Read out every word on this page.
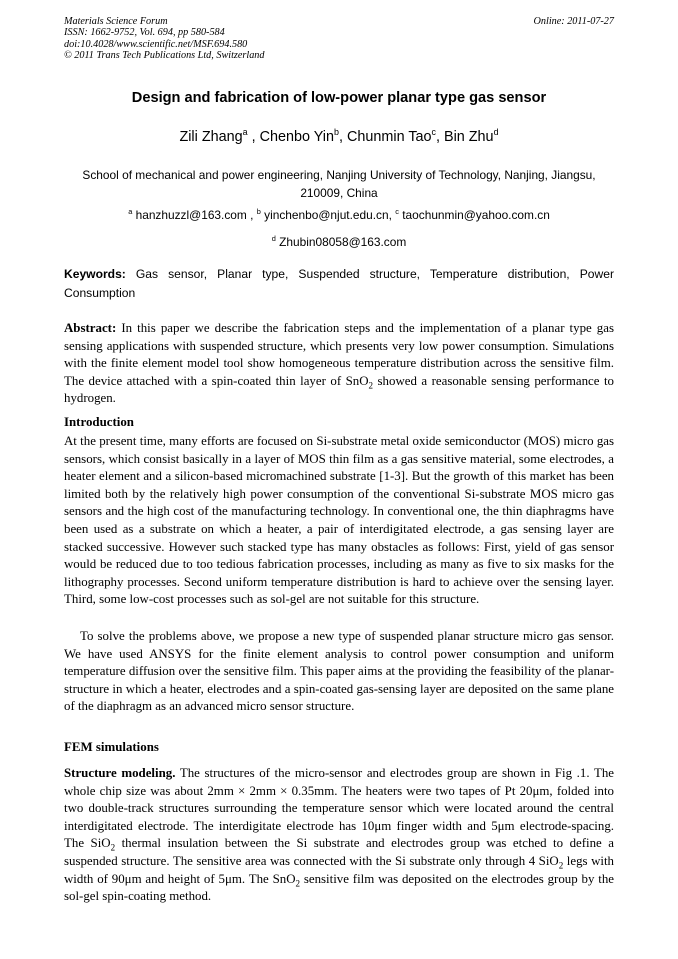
Materials Science Forum
ISSN: 1662-9752, Vol. 694, pp 580-584
doi:10.4028/www.scientific.net/MSF.694.580
© 2011 Trans Tech Publications Ltd, Switzerland
Online: 2011-07-27
Design and fabrication of low-power planar type gas sensor
Zili Zhang$^a$ , Chenbo Yin$^b$, Chunmin Tao$^c$, Bin Zhu$^d$
School of mechanical and power engineering, Nanjing University of Technology, Nanjing, Jiangsu, 210009, China
$^a$ hanzhuzzl@163.com , $^b$ yinchenbo@njut.edu.cn, $^c$ taochunmin@yahoo.com.cn
$^d$ Zhubin08058@163.com
Keywords: Gas sensor, Planar type, Suspended structure, Temperature distribution, Power Consumption
Abstract: In this paper we describe the fabrication steps and the implementation of a planar type gas sensing applications with suspended structure, which presents very low power consumption. Simulations with the finite element model tool show homogeneous temperature distribution across the sensitive film. The device attached with a spin-coated thin layer of SnO$_2$ showed a reasonable sensing performance to hydrogen.
Introduction
At the present time, many efforts are focused on Si-substrate metal oxide semiconductor (MOS) micro gas sensors, which consist basically in a layer of MOS thin film as a gas sensitive material, some electrodes, a heater element and a silicon-based micromachined substrate [1-3]. But the growth of this market has been limited both by the relatively high power consumption of the conventional Si-substrate MOS micro gas sensors and the high cost of the manufacturing technology. In conventional one, the thin diaphragms have been used as a substrate on which a heater, a pair of interdigitated electrode, a gas sensing layer are stacked successive. However such stacked type has many obstacles as follows: First, yield of gas sensor would be reduced due to too tedious fabrication processes, including as many as five to six masks for the lithography processes. Second uniform temperature distribution is hard to achieve over the sensing layer. Third, some low-cost processes such as sol-gel are not suitable for this structure.
To solve the problems above, we propose a new type of suspended planar structure micro gas sensor. We have used ANSYS for the finite element analysis to control power consumption and uniform temperature diffusion over the sensitive film. This paper aims at the providing the feasibility of the planar-structure in which a heater, electrodes and a spin-coated gas-sensing layer are deposited on the same plane of the diaphragm as an advanced micro sensor structure.
FEM simulations
Structure modeling. The structures of the micro-sensor and electrodes group are shown in Fig .1. The whole chip size was about 2mm × 2mm × 0.35mm. The heaters were two tapes of Pt 20μm, folded into two double-track structures surrounding the temperature sensor which were located around the central interdigitated electrode. The interdigitate electrode has 10μm finger width and 5μm electrode-spacing. The SiO$_2$ thermal insulation between the Si substrate and electrodes group was etched to define a suspended structure. The sensitive area was connected with the Si substrate only through 4 SiO$_2$ legs with width of 90μm and height of 5μm. The SnO$_2$ sensitive film was deposited on the electrodes group by the sol-gel spin-coating method.
